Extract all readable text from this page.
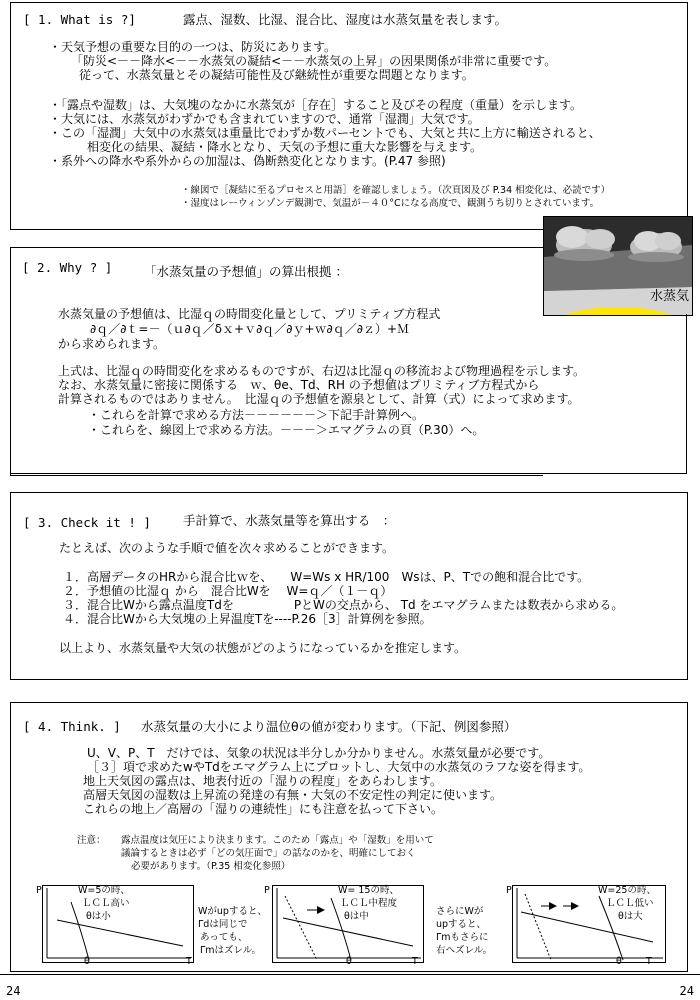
[ 1. What is ?]	露点、湿数、比湿、混合比、湿度は水蒸気量を表します。
・天気予想の重要な目的の一つは、防災にあります。
「防災<－－降水<－－水蒸気の凝結<－－水蒸気の上昇」の因果関係が非常に重要です。
従って、水蒸気量とその凝結可能性及び継続性が重要な問題となります。
・「露点や湿数」は、大気塊のなかに水蒸気が［存在］すること及びその程度（重量）を示します。
・大気には、水蒸気がわずかでも含まれていますので、通常「湿潤」大気です。
・この「湿潤」大気中の水蒸気は重量比でわずか数パーセントでも、大気と共に上方に輸送されると、
相変化の結果、凝結・降水となり、天気の予想に重大な影響を与えます。
・系外への降水や系外からの加湿は、偽断熱変化となります。(P.47 参照)
・線図で［凝結に至るプロセスと用語］を確認しましょう。（次頁図及び P.34 相変化は、必読です）
・湿度はレーウィンゾンデ観測で、気温が－４０°Cになる高度で、観測うち切りとされています。
水蒸気
[ 2. Why ? ]	「水蒸気量の予想値」の算出根拠 ：
水蒸気量の予想値は、比湿ｑの時間変化量として、プリミティブ方程式
∂ｑ／∂ｔ=－（ｕ∂ｑ／δｘ+ｖ∂ｑ／∂ｙ+ｗ∂ｑ／∂ｚ）+Ｍ
から求められます。
上式は、比湿ｑの時間変化を求めるものですが、右辺は比湿ｑの移流および物理過程を示します。
なお、水蒸気量に密接に関係する　ｗ、θe、Td、RH の予想値はプリミティブ方程式から
計算されるものではありません。　比湿ｑの予想値を源泉として、計算（式）によって求めます。
・これらを計算で求める方法－－－－－－＞下記手計算例へ。
・これらを、線図上で求める方法。－－－＞エマグラムの頁（P.30）へ。
[ 3. Check it ! ]	手計算で、水蒸気量等を算出する　：
たとえば、次のような手順で値を次々求めることができます。
１．高層データのHRから混合比ｗを、　　W=Ws x HR/100　Wsは、P、Tでの飽和混合比です。
２．予想値の比湿ｑ から　混合比Wを　 W=ｑ／（１－ｑ）
３．混合比Wから露点温度Tdを　　　　　PとWの交点から、 Td をエマグラムまたは数表から求める。
４．混合比Wから大気塊の上昇温度Tを----P.26［3］計算例を参照。
以上より、水蒸気量や大気の状態がどのようになっているかを推定します。
[ 4. Think. ] 水蒸気量の大小により温位θの値が変わります。（下記、例図参照）
U、V、P、T　だけでは、気象の状況は半分しか分かりません。水蒸気量が必要です。
［３］項で求めたwやTdをエマグラム上にプロットし、大気中の水蒸気のラフな姿を得ます。
地上天気図の露点は、地表付近の「湿りの程度」をあらわします。
高層天気図の湿数は上昇流の発達の有無・大気の不安定性の判定に使います。
これらの地上／高層の「湿りの連続性」にも注意を払って下さい。
注意： 露点温度は気圧により決まります。このため「露点」や「湿数」を用いて
議論するときは必ず「どの気圧面で」の話なのかを、明確にしておく
必要があります。（P.35 相変化参照）
P	W=5の時、
ＬＣＬ高い
θは小
θ	T
Wがupすると、
Γdは同じで
あっても、
Γmはズレル。
P	W= 15の時、
ＬＣＬ中程度
θは中
θ	T
さらにWが
upすると、
Γmもさらに
右へズレル。
P	W=25の時、
ＬＣＬ低い
θは大
θ	T
24	24
